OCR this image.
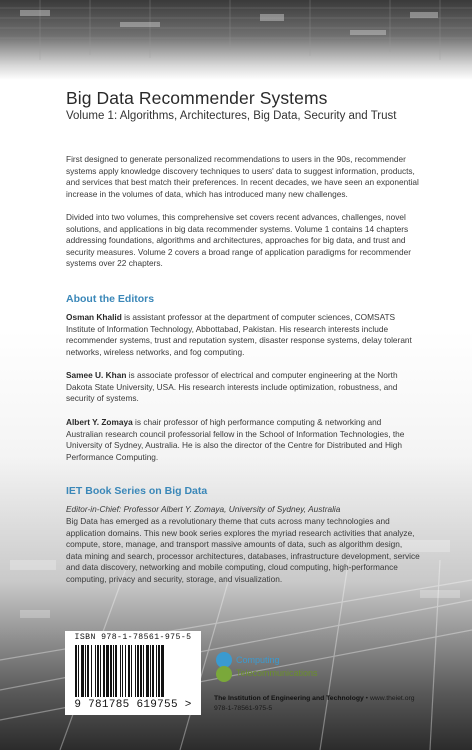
Big Data Recommender Systems

Volume 1: Algorithms, Architectures, Big Data, Security and Trust

First designed to generate personalized recommendations to users in the 90s, recommender systems apply knowledge discovery techniques to users' data to suggest information, products, and services that best match their preferences. In recent decades, we have seen an exponential increase in the volumes of data, which has introduced many new challenges.

Divided into two volumes, this comprehensive set covers recent advances, challenges, novel solutions, and applications in big data recommender systems. Volume 1 contains 14 chapters addressing foundations, algorithms and architectures, approaches for big data, and trust and security measures. Volume 2 covers a broad range of application paradigms for recommender systems over 22 chapters.

About the Editors

Osman Khalid is assistant professor at the department of computer sciences, COMSATS Institute of Information Technology, Abbottabad, Pakistan. His research interests include recommender systems, trust and reputation system, disaster response systems, delay tolerant networks, wireless networks, and fog computing.

Samee U. Khan is associate professor of electrical and computer engineering at the North Dakota State University, USA. His research interests include optimization, robustness, and security of systems.

Albert Y. Zomaya is chair professor of high performance computing & networking and Australian research council professorial fellow in the School of Information Technologies, the University of Sydney, Australia. He is also the director of the Centre for Distributed and High Performance Computing.

IET Book Series on Big Data

Editor-in-Chief: Professor Albert Y. Zomaya, University of Sydney, Australia

Big Data has emerged as a revolutionary theme that cuts across many technologies and application domains. This new book series explores the myriad research activities that analyze, compute, store, manage, and transport massive amounts of data, such as algorithm design, data mining and search, processor architectures, databases, infrastructure development, service and data discovery, networking and mobile computing, cloud computing, high-performance computing, privacy and security, storage, and visualization.

ISBN 978-1-78561-975-5
9 781785 619755 >
Computing
Telecommunications
The Institution of Engineering and Technology • www.theiet.org
978-1-78561-975-5
